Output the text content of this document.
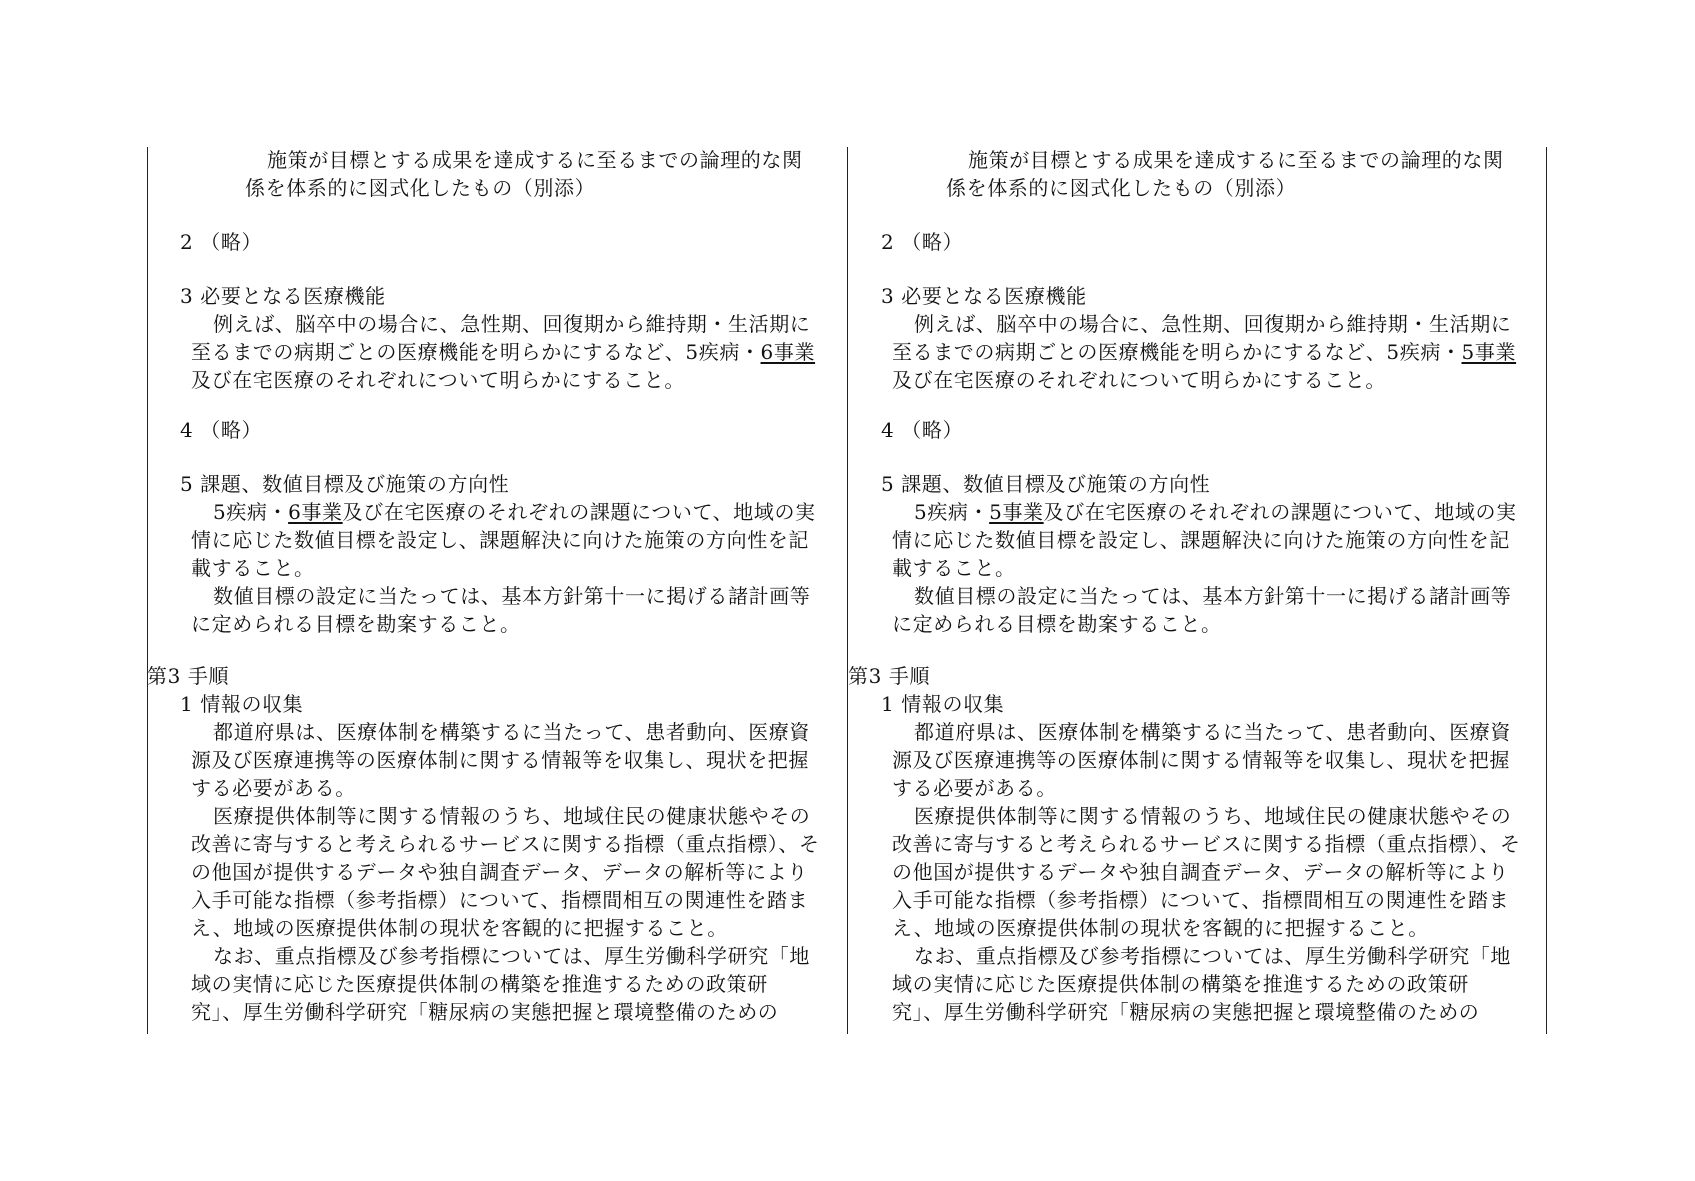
施策が目標とする成果を達成するに至るまでの論理的な関
係を体系的に図式化したもの（別添）
2 （略）
3 必要となる医療機能
例えば、脳卒中の場合に、急性期、回復期から維持期・生活期に
至るまでの病期ごとの医療機能を明らかにするなど、5疾病・6事業
及び在宅医療のそれぞれについて明らかにすること。
4 （略）
5 課題、数値目標及び施策の方向性
5疾病・6事業及び在宅医療のそれぞれの課題について、地域の実
情に応じた数値目標を設定し、課題解決に向けた施策の方向性を記
載すること。
数値目標の設定に当たっては、基本方針第十一に掲げる諸計画等
に定められる目標を勘案すること。
第3 手順
1 情報の収集
都道府県は、医療体制を構築するに当たって、患者動向、医療資
源及び医療連携等の医療体制に関する情報等を収集し、現状を把握
する必要がある。
医療提供体制等に関する情報のうち、地域住民の健康状態やその
改善に寄与すると考えられるサービスに関する指標（重点指標）、そ
の他国が提供するデータや独自調査データ、データの解析等により
入手可能な指標（参考指標）について、指標間相互の関連性を踏ま
え、地域の医療提供体制の現状を客観的に把握すること。
なお、重点指標及び参考指標については、厚生労働科学研究「地
域の実情に応じた医療提供体制の構築を推進するための政策研
究」、厚生労働科学研究「糖尿病の実態把握と環境整備のための
施策が目標とする成果を達成するに至るまでの論理的な関
係を体系的に図式化したもの（別添）
2 （略）
3 必要となる医療機能
例えば、脳卒中の場合に、急性期、回復期から維持期・生活期に
至るまでの病期ごとの医療機能を明らかにするなど、5疾病・5事業
及び在宅医療のそれぞれについて明らかにすること。
4 （略）
5 課題、数値目標及び施策の方向性
5疾病・5事業及び在宅医療のそれぞれの課題について、地域の実
情に応じた数値目標を設定し、課題解決に向けた施策の方向性を記
載すること。
数値目標の設定に当たっては、基本方針第十一に掲げる諸計画等
に定められる目標を勘案すること。
第3 手順
1 情報の収集
都道府県は、医療体制を構築するに当たって、患者動向、医療資
源及び医療連携等の医療体制に関する情報等を収集し、現状を把握
する必要がある。
医療提供体制等に関する情報のうち、地域住民の健康状態やその
改善に寄与すると考えられるサービスに関する指標（重点指標）、そ
の他国が提供するデータや独自調査データ、データの解析等により
入手可能な指標（参考指標）について、指標間相互の関連性を踏ま
え、地域の医療提供体制の現状を客観的に把握すること。
なお、重点指標及び参考指標については、厚生労働科学研究「地
域の実情に応じた医療提供体制の構築を推進するための政策研
究」、厚生労働科学研究「糖尿病の実態把握と環境整備のための
